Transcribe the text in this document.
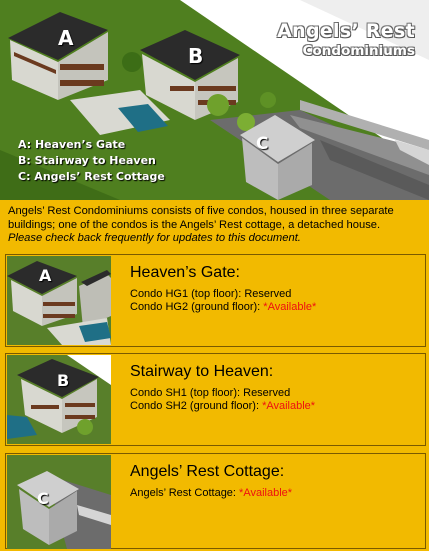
A
B
C
Angels’ Rest
Condominiums
A: Heaven’s Gate
B: Stairway to Heaven
C: Angels’ Rest Cottage
Angels’ Rest Condominiums consists of five condos, housed in three separate buildings; one of the condos is the Angels’ Rest cottage, a detached house.
Please check back frequently for updates to this document.
A	Heaven’s Gate:
Condo HG1 (top floor): Reserved
Condo HG2 (ground floor): *Available*
B	Stairway to Heaven:
Condo SH1 (top floor): Reserved
Condo SH2 (ground floor): *Available*
C
Angels’ Rest Cottage:
Angels’ Rest Cottage: *Available*
